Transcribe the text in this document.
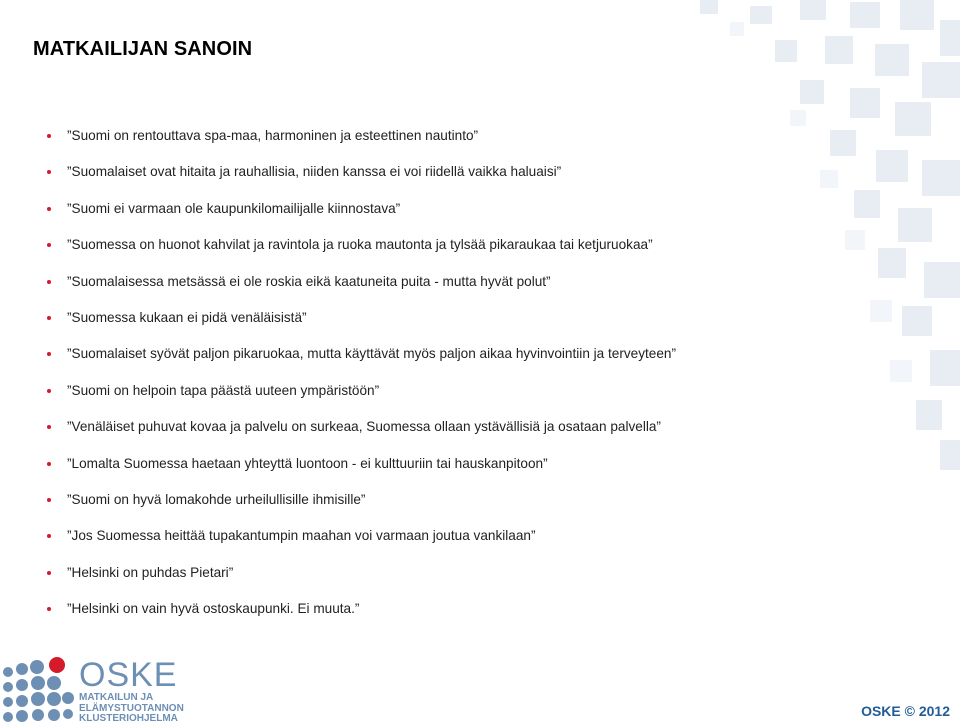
MATKAILIJAN SANOIN
”Suomi on rentouttava spa-maa, harmoninen ja esteettinen nautinto”
”Suomalaiset ovat hitaita ja rauhallisia, niiden kanssa ei voi riidellä vaikka haluaisi”
”Suomi ei varmaan ole kaupunkilomailijalle kiinnostava”
”Suomessa on huonot kahvilat ja ravintola ja ruoka mautonta ja tylsää pikaraukaa tai ketjuruokaa”
”Suomalaisessa metsässä ei ole roskia eikä kaatuneita puita - mutta hyvät polut”
”Suomessa kukaan ei pidä venäläisistä”
”Suomalaiset syövät paljon pikaruokaa, mutta käyttävät myös paljon aikaa hyvinvointiin ja terveyteen”
”Suomi on helpoin tapa päästä uuteen ympäristöön”
”Venäläiset puhuvat kovaa ja palvelu on surkeaa, Suomessa ollaan ystävällisiä ja osataan palvella”
”Lomalta Suomessa haetaan yhteyttä luontoon - ei kulttuuriin tai hauskanpitoon”
”Suomi on hyvä lomakohde urheilullisille ihmisille”
”Jos Suomessa heittää tupakantumpin maahan voi varmaan joutua vankilaan”
”Helsinki on puhdas Pietari”
”Helsinki on vain hyvä ostoskaupunki. Ei muuta.”
OSKE
MATKAILUN JA
ELÄMYSTUOTANNON
KLUSTERIOHJELMA	OSKE © 2012
